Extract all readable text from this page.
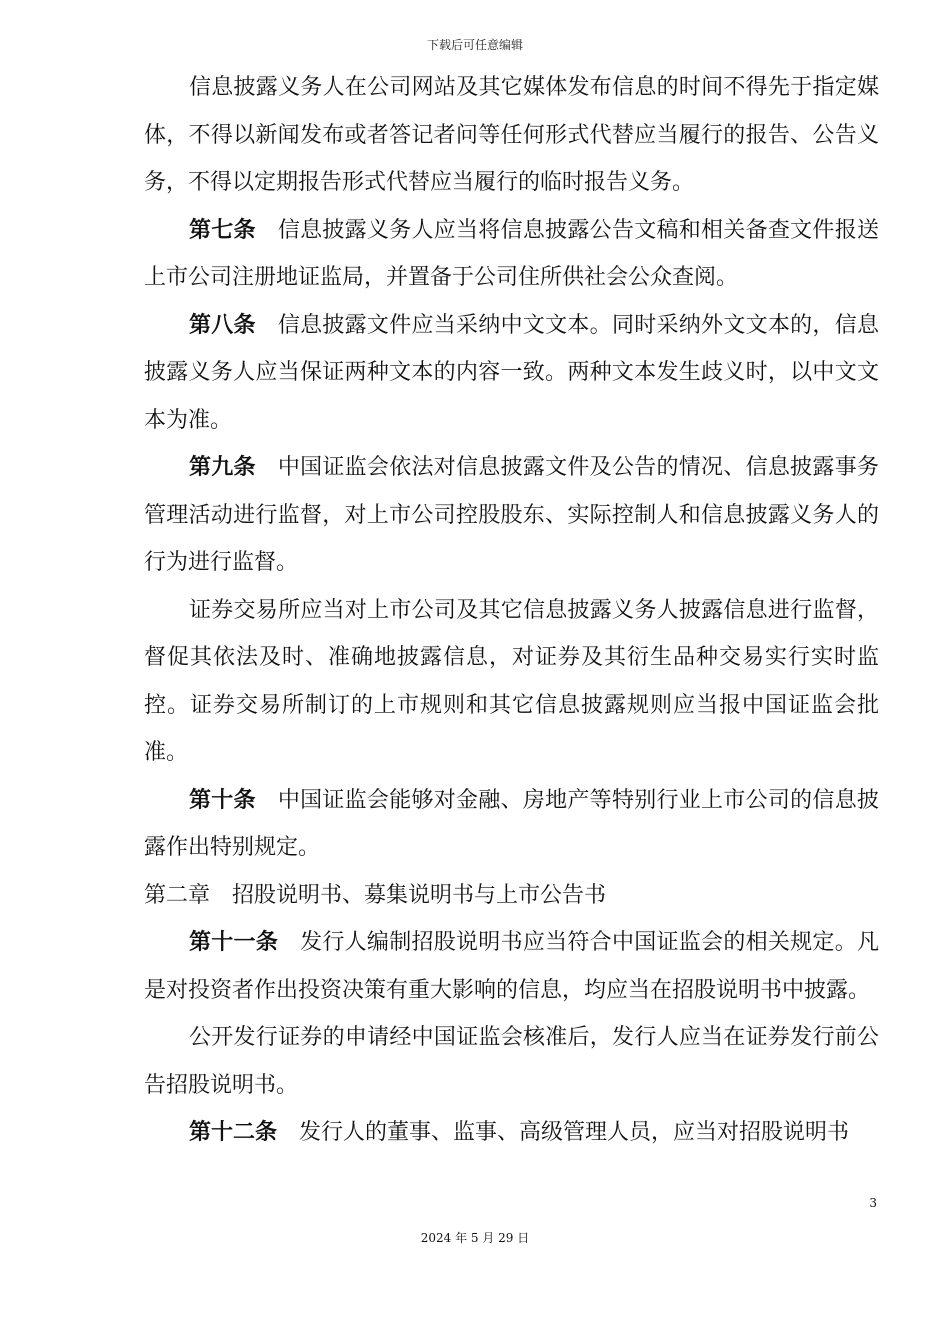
下载后可任意编辑

信息披露义务人在公司网站及其它媒体发布信息的时间不得先于指定媒体，不得以新闻发布或者答记者问等任何形式代替应当履行的报告、公告义务，不得以定期报告形式代替应当履行的临时报告义务。

第七条 信息披露义务人应当将信息披露公告文稿和相关备查文件报送上市公司注册地证监局，并置备于公司住所供社会公众查阅。

第八条 信息披露文件应当采纳中文文本。同时采纳外文文本的，信息披露义务人应当保证两种文本的内容一致。两种文本发生歧义时，以中文文本为准。

第九条 中国证监会依法对信息披露文件及公告的情况、信息披露事务管理活动进行监督，对上市公司控股股东、实际控制人和信息披露义务人的行为进行监督。

证券交易所应当对上市公司及其它信息披露义务人披露信息进行监督，督促其依法及时、准确地披露信息，对证券及其衍生品种交易实行实时监控。证券交易所制订的上市规则和其它信息披露规则应当报中国证监会批准。

第十条 中国证监会能够对金融、房地产等特别行业上市公司的信息披露作出特别规定。

第二章 招股说明书、募集说明书与上市公告书

第十一条 发行人编制招股说明书应当符合中国证监会的相关规定。凡是对投资者作出投资决策有重大影响的信息，均应当在招股说明书中披露。

公开发行证券的申请经中国证监会核准后，发行人应当在证券发行前公告招股说明书。

第十二条 发行人的董事、监事、高级管理人员，应当对招股说明书

3
2024 年 5 月 29 日
